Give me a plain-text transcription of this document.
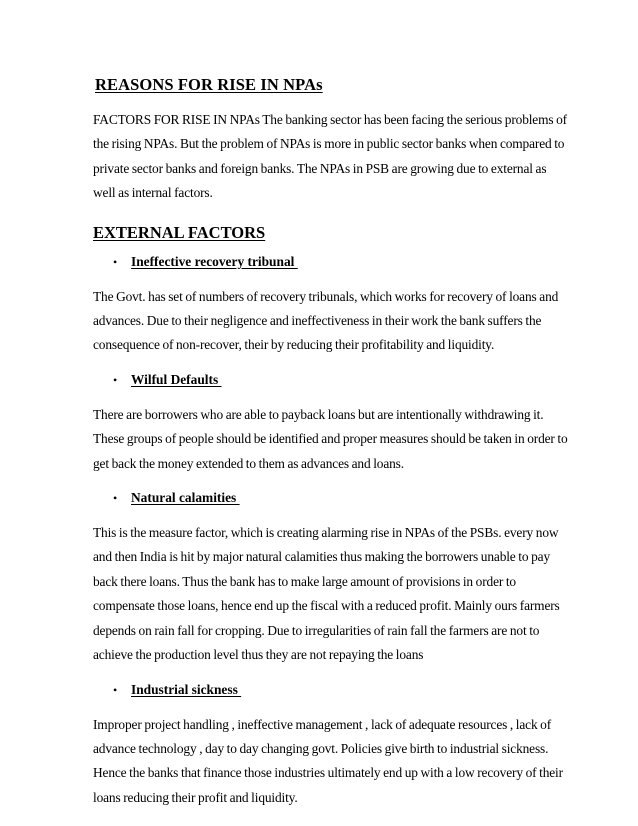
REASONS FOR RISE IN NPAs

FACTORS FOR RISE IN NPAs The banking sector has been facing the serious problems of the rising NPAs. But the problem of NPAs is more in public sector banks when compared to private sector banks and foreign banks. The NPAs in PSB are growing due to external as well as internal factors.

EXTERNAL FACTORS
•	Ineffective recovery tribunal

The Govt. has set of numbers of recovery tribunals, which works for recovery of loans and advances. Due to their negligence and ineffectiveness in their work the bank suffers the consequence of non-recover, their by reducing their profitability and liquidity.

•	Wilful Defaults

There are borrowers who are able to payback loans but are intentionally withdrawing it. These groups of people should be identified and proper measures should be taken in order to get back the money extended to them as advances and loans.

•	Natural calamities

This is the measure factor, which is creating alarming rise in NPAs of the PSBs. every now and then India is hit by major natural calamities thus making the borrowers unable to pay back there loans. Thus the bank has to make large amount of provisions in order to compensate those loans, hence end up the fiscal with a reduced profit. Mainly ours farmers depends on rain fall for cropping. Due to irregularities of rain fall the farmers are not to achieve the production level thus they are not repaying the loans

•	Industrial sickness

Improper project handling , ineffective management , lack of adequate resources , lack of advance technology , day to day changing govt. Policies give birth to industrial sickness. Hence the banks that finance those industries ultimately end up with a low recovery of their loans reducing their profit and liquidity.
